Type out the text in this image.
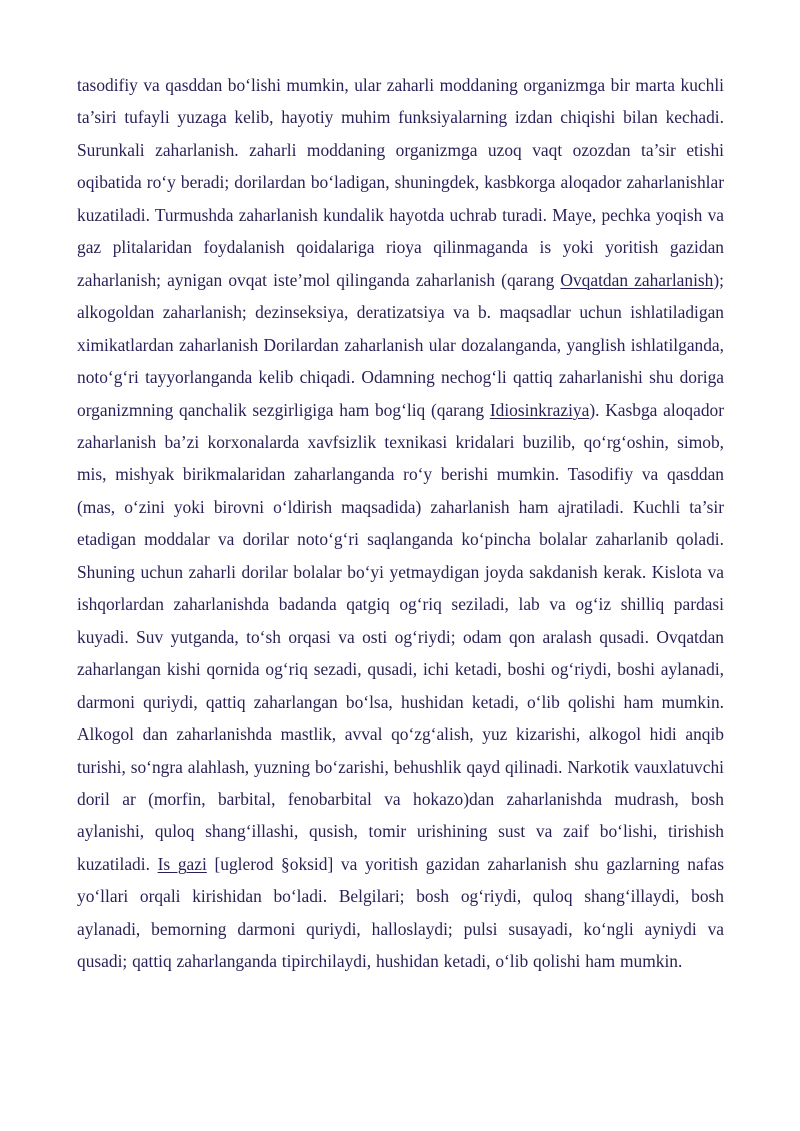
tasodifiy va qasddan bo‘lishi mumkin, ular zaharli moddaning organizmga bir marta kuchli ta’siri tufayli yuzaga kelib, hayotiy muhim funksiyalarning izdan chiqishi bilan kechadi. Surunkali zaharlanish. zaharli moddaning organizmga uzoq vaqt ozozdan ta’sir etishi oqibatida ro‘y beradi; dorilardan bo‘ladigan, shuningdek, kasbkorga aloqador zaharlanishlar kuzatiladi. Turmushda zaharlanish kundalik hayotda uchrab turadi. Maye, pechka yoqish va gaz plitalaridan foydalanish qoidalariga rioya qilinmaganda is yoki yoritish gazidan zaharlanish; aynigan ovqat iste’mol qilinganda zaharlanish (qarang Ovqatdan zaharlanish); alkogoldan zaharlanish; dezinseksiya, deratizatsiya va b. maqsadlar uchun ishlatiladigan ximikatlardan zaharlanish Dorilardan zaharlanish ular dozalanganda, yanglish ishlatilganda, noto‘g‘ri tayyorlanganda kelib chiqadi. Odamning nechog‘li qattiq zaharlanishi shu doriga organizmning qanchalik sezgirligiga ham bog‘liq (qarang Idiosinkraziya). Kasbga aloqador zaharlanish ba’zi korxonalarda xavfsizlik texnikasi kridalari buzilib, qo‘rg‘oshin, simob, mis, mishyak birikmalaridan zaharlanganda ro‘y berishi mumkin. Tasodifiy va qasddan (mas, o‘zini yoki birovni o‘ldirish maqsadida) zaharlanish ham ajratiladi. Kuchli ta’sir etadigan moddalar va dorilar noto‘g‘ri saqlanganda ko‘pincha bolalar zaharlanib qoladi. Shuning uchun zaharli dorilar bolalar bo‘yi yetmaydigan joyda sakdanish kerak. Kislota va ishqorlardan zaharlanishda badanda qatgiq og‘riq seziladi, lab va og‘iz shilliq pardasi kuyadi. Suv yutganda, to‘sh orqasi va osti og‘riydi; odam qon aralash qusadi. Ovqatdan zaharlangan kishi qornida og‘riq sezadi, qusadi, ichi ketadi, boshi og‘riydi, boshi aylanadi, darmoni quriydi, qattiq zaharlangan bo‘lsa, hushidan ketadi, o‘lib qolishi ham mumkin. Alkogol dan zaharlanishda mastlik, avval qo‘zg‘alish, yuz kizarishi, alkogol hidi anqib turishi, so‘ngra alahlash, yuzning bo‘zarishi, behushlik qayd qilinadi. Narkotik vauxlatuvchi doril ar (morfin, barbital, fenobarbital va hokazo)dan zaharlanishda mudrash, bosh aylanishi, quloq shang‘illashi, qusish, tomir urishining sust va zaif bo‘lishi, tirishish kuzatiladi. Is gazi [uglerod §oksid] va yoritish gazidan zaharlanish shu gazlarning nafas yo‘llari orqali kirishidan bo‘ladi. Belgilari; bosh og‘riydi, quloq shang‘illaydi, bosh aylanadi, bemorning darmoni quriydi, halloslaydi; pulsi susayadi, ko‘ngli ayniydi va qusadi; qattiq zaharlanganda tipirchilaydi, hushidan ketadi, o‘lib qolishi ham mumkin.
